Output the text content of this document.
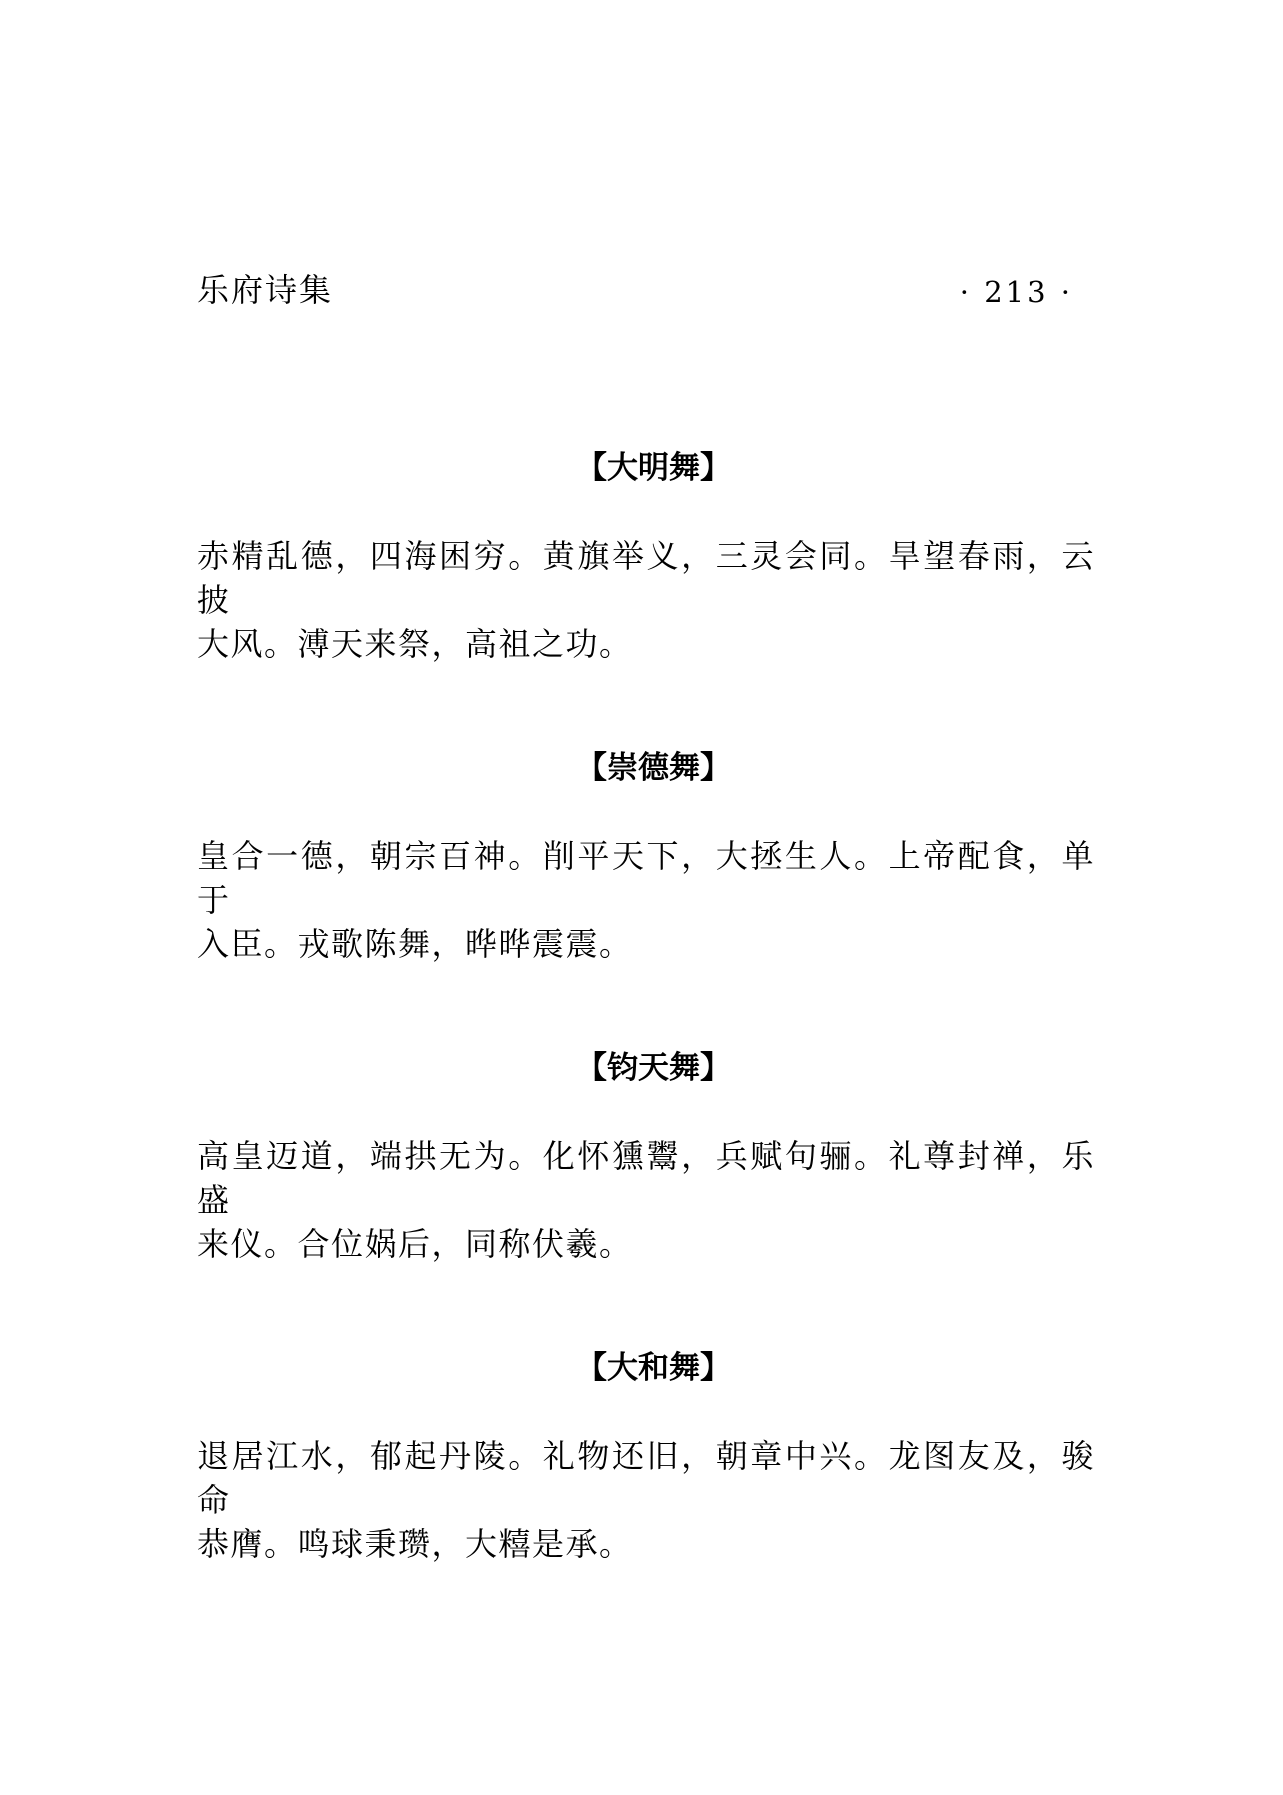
乐府诗集	· 213 ·
【大明舞】
赤精乱德，四海困穷。黄旗举义，三灵会同。旱望春雨，云披
大风。溥天来祭，高祖之功。
【崇德舞】
皇合一德，朝宗百神。削平天下，大拯生人。上帝配食，单于
入臣。戎歌陈舞，晔晔震震。
【钧天舞】
高皇迈道，端拱无为。化怀獯鬻，兵赋句骊。礼尊封禅，乐盛
来仪。合位娲后，同称伏羲。
【大和舞】
退居江水，郁起丹陵。礼物还旧，朝章中兴。龙图友及，骏命
恭膺。鸣球秉瓒，大糦是承。
